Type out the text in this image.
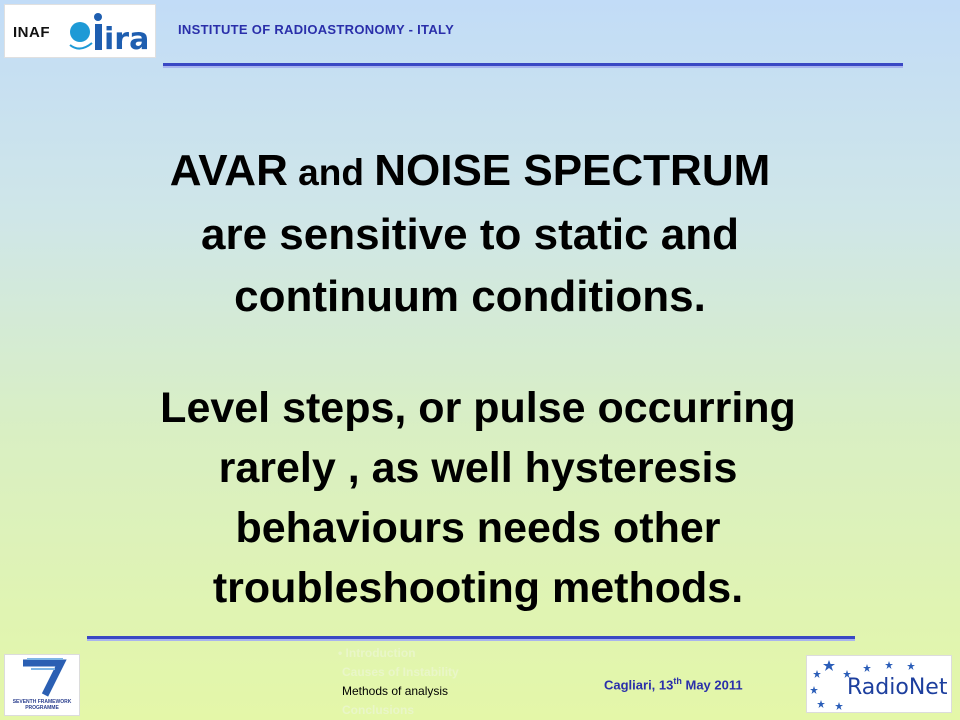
INAF ira INSTITUTE OF RADIOASTRONOMY - ITALY
AVAR and NOISE SPECTRUM
are sensitive to static and
continuum conditions.
Level steps, or pulse occurring
rarely , as well hysteresis
behaviours needs other
troubleshooting methods.
SEVENTH FRAMEWORK PROGRAMME
• Introduction
Causes of Instability
Methods of analysis
Conclusions
Cagliari, 13th May 2011	RadioNet
